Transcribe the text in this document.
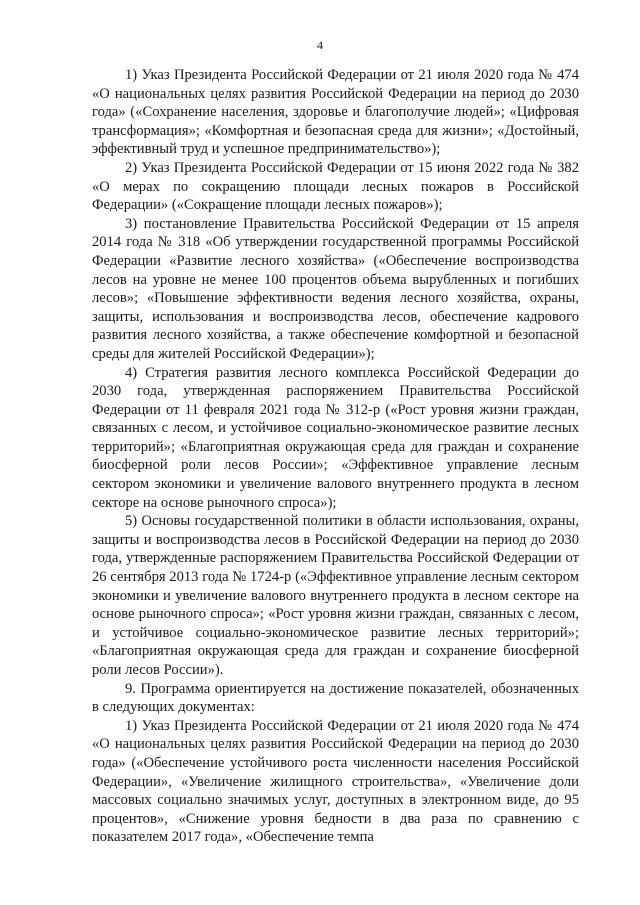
4

1) Указ Президента Российской Федерации от 21 июля 2020 года № 474 «О национальных целях развития Российской Федерации на период до 2030 года» («Сохранение населения, здоровье и благополучие людей»; «Цифровая трансформация»; «Комфортная и безопасная среда для жизни»; «Достойный, эффективный труд и успешное предпринимательство»);

2) Указ Президента Российской Федерации от 15 июня 2022 года № 382 «О мерах по сокращению площади лесных пожаров в Российской Федерации» («Сокращение площади лесных пожаров»);

3) постановление Правительства Российской Федерации от 15 апреля 2014 года № 318 «Об утверждении государственной программы Российской Федерации «Развитие лесного хозяйства» («Обеспечение воспроизводства лесов на уровне не менее 100 процентов объема вырубленных и погибших лесов»; «Повышение эффективности ведения лесного хозяйства, охраны, защиты, использования и воспроизводства лесов, обеспечение кадрового развития лесного хозяйства, а также обеспечение комфортной и безопасной среды для жителей Российской Федерации»);

4) Стратегия развития лесного комплекса Российской Федерации до 2030 года, утвержденная распоряжением Правительства Российской Федерации от 11 февраля 2021 года № 312-р («Рост уровня жизни граждан, связанных с лесом, и устойчивое социально-экономическое развитие лесных территорий»; «Благоприятная окружающая среда для граждан и сохранение биосферной роли лесов России»; «Эффективное управление лесным сектором экономики и увеличение валового внутреннего продукта в лесном секторе на основе рыночного спроса»);

5) Основы государственной политики в области использования, охраны, защиты и воспроизводства лесов в Российской Федерации на период до 2030 года, утвержденные распоряжением Правительства Российской Федерации от 26 сентября 2013 года № 1724-р («Эффективное управление лесным сектором экономики и увеличение валового внутреннего продукта в лесном секторе на основе рыночного спроса»; «Рост уровня жизни граждан, связанных с лесом, и устойчивое социально-экономическое развитие лесных территорий»; «Благоприятная окружающая среда для граждан и сохранение биосферной роли лесов России»).

9. Программа ориентируется на достижение показателей, обозначенных в следующих документах:

1) Указ Президента Российской Федерации от 21 июля 2020 года № 474 «О национальных целях развития Российской Федерации на период до 2030 года» («Обеспечение устойчивого роста численности населения Российской Федерации», «Увеличение жилищного строительства», «Увеличение доли массовых социально значимых услуг, доступных в электронном виде, до 95 процентов», «Снижение уровня бедности в два раза по сравнению с показателем 2017 года», «Обеспечение темпа
